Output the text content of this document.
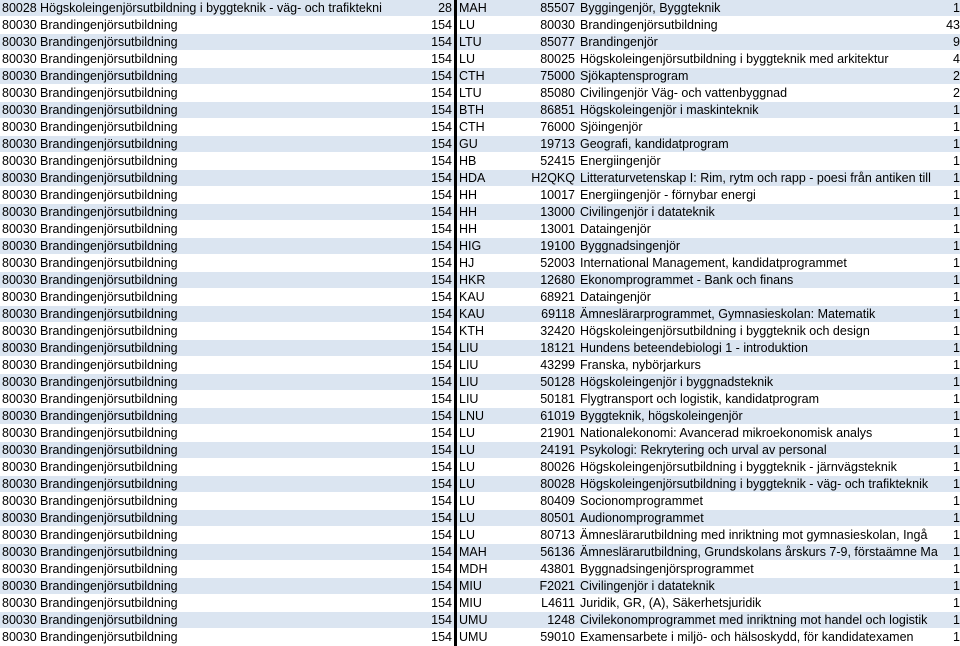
80028	Högskoleingenjörsutbildning i byggteknik - väg- och trafiktekni	28	MAH	85507	Byggingenjör, Byggteknik	1
80030	Brandingenjörsutbildning	154	LU	80030	Brandingenjörsutbildning	43
80030	Brandingenjörsutbildning	154	LTU	85077	Brandingenjör	9
80030	Brandingenjörsutbildning	154	LU	80025	Högskoleingenjörsutbildning i byggteknik med arkitektur	4
80030	Brandingenjörsutbildning	154	CTH	75000	Sjökaptensprogram	2
80030	Brandingenjörsutbildning	154	LTU	85080	Civilingenjör Väg- och vattenbyggnad	2
80030	Brandingenjörsutbildning	154	BTH	86851	Högskoleingenjör i maskinteknik	1
80030	Brandingenjörsutbildning	154	CTH	76000	Sjöingenjör	1
80030	Brandingenjörsutbildning	154	GU	19713	Geografi, kandidatprogram	1
80030	Brandingenjörsutbildning	154	HB	52415	Energiingenjör	1
80030	Brandingenjörsutbildning	154	HDA	H2QKQ	Litteraturvetenskap I: Rim, rytm och rapp - poesi från antiken till	1
80030	Brandingenjörsutbildning	154	HH	10017	Energiingenjör - förnybar energi	1
80030	Brandingenjörsutbildning	154	HH	13000	Civilingenjör i datateknik	1
80030	Brandingenjörsutbildning	154	HH	13001	Dataingenjör	1
80030	Brandingenjörsutbildning	154	HIG	19100	Byggnadsingenjör	1
80030	Brandingenjörsutbildning	154	HJ	52003	International Management, kandidatprogrammet	1
80030	Brandingenjörsutbildning	154	HKR	12680	Ekonomprogrammet - Bank och finans	1
80030	Brandingenjörsutbildning	154	KAU	68921	Dataingenjör	1
80030	Brandingenjörsutbildning	154	KAU	69118	Ämneslärarprogrammet, Gymnasieskolan: Matematik	1
80030	Brandingenjörsutbildning	154	KTH	32420	Högskoleingenjörsutbildning i byggteknik och design	1
80030	Brandingenjörsutbildning	154	LIU	18121	Hundens beteendebiologi 1 - introduktion	1
80030	Brandingenjörsutbildning	154	LIU	43299	Franska, nybörjarkurs	1
80030	Brandingenjörsutbildning	154	LIU	50128	Högskoleingenjör i byggnadsteknik	1
80030	Brandingenjörsutbildning	154	LIU	50181	Flygtransport och logistik, kandidatprogram	1
80030	Brandingenjörsutbildning	154	LNU	61019	Byggteknik, högskoleingenjör	1
80030	Brandingenjörsutbildning	154	LU	21901	Nationalekonomi: Avancerad mikroekonomisk analys	1
80030	Brandingenjörsutbildning	154	LU	24191	Psykologi: Rekrytering och urval av personal	1
80030	Brandingenjörsutbildning	154	LU	80026	Högskoleingenjörsutbildning i byggteknik - järnvägsteknik	1
80030	Brandingenjörsutbildning	154	LU	80028	Högskoleingenjörsutbildning i byggteknik - väg- och trafikteknik	1
80030	Brandingenjörsutbildning	154	LU	80409	Socionomprogrammet	1
80030	Brandingenjörsutbildning	154	LU	80501	Audionomprogrammet	1
80030	Brandingenjörsutbildning	154	LU	80713	Ämneslärarutbildning med inriktning mot gymnasieskolan, Ingå	1
80030	Brandingenjörsutbildning	154	MAH	56136	Ämneslärarutbildning, Grundskolans årskurs 7-9, förstaämne Ma	1
80030	Brandingenjörsutbildning	154	MDH	43801	Byggnadsingenjörsprogrammet	1
80030	Brandingenjörsutbildning	154	MIU	F2021	Civilingenjör i datateknik	1
80030	Brandingenjörsutbildning	154	MIU	L4611	Juridik, GR, (A), Säkerhetsjuridik	1
80030	Brandingenjörsutbildning	154	UMU	1248	Civilekonomprogrammet med inriktning mot handel och logistik	1
80030	Brandingenjörsutbildning	154	UMU	59010	Examensarbete i miljö- och hälsoskydd, för kandidatexamen	1
